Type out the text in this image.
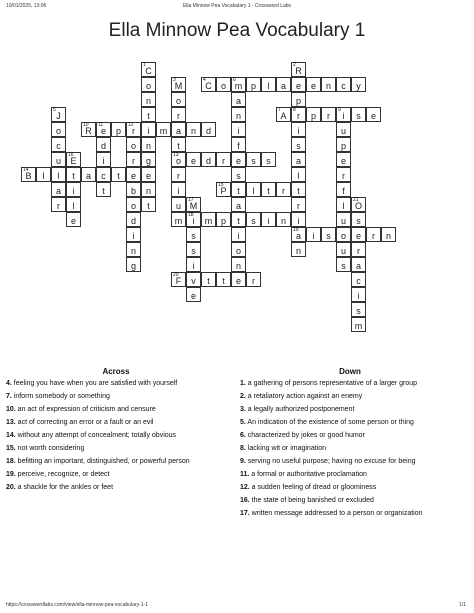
10/01/2025, 13:06	Ella Minnow Pea Vocabulary 1 - Crossword Labs
Ella Minnow Pea Vocabulary 1
1
C
o
n
t
i
n
g
e
n
t
2
R
e
p
8
r
i
s
a
l
3
M
o
r
a
t
13
o
r
i
u
m
4
C	o
6
m p	l	a	e	n	c	y
5
J
o
c
u
l
a
r
a
n
i
f
e
s
t
a
t
i
o
n
7
A	p	r
9
i	s	e
t
r
i
19
a
n
u
p
e
r
f
l
u
o
u
s
10
R
11
e	p
12
r	m	n	d
d
i
c
t
o
r
e
b
o
d
i
n
g
e	d	r	s	s
14
B	l	t	a	t
15
P	l	t	r
16
E
i
l
e
17
M
18
i
s
s
i
v
e
m p	s	i	n
i	s	e	r	n
20
F	t	t	e	r
21
O
s
r
a
c
i
s
m
Across
4. feeling you have when you are satisfied with yourself
7. inform somebody or something
10. an act of expression of criticism and censure
13. act of correcting an error or a fault or an evil
14. without any attempt of concealment; totally obvious
15. not worth considering
18. befitting an important, distinguished, or powerful person
19. perceive, recognize, or detect
20. a shackle for the ankles or feet
Down
1. a gathering of persons representative of a larger group
2. a retaliatory action against an enemy
3. a legally authorized postponement
5. An indication of the existence of some person or thing
6. characterized by jokes or good humor
8. lacking wit or imagination
9. serving no useful purpose; having no excuse for being
11. a formal or authoritative proclamation
12. a sudden feeling of dread or gloominess
16. the state of being banished or excluded
17. written message addressed to a person or organization
https://crosswordlabs.com/view/ella-minnow-pea-vocabulary-1-1	1/1
